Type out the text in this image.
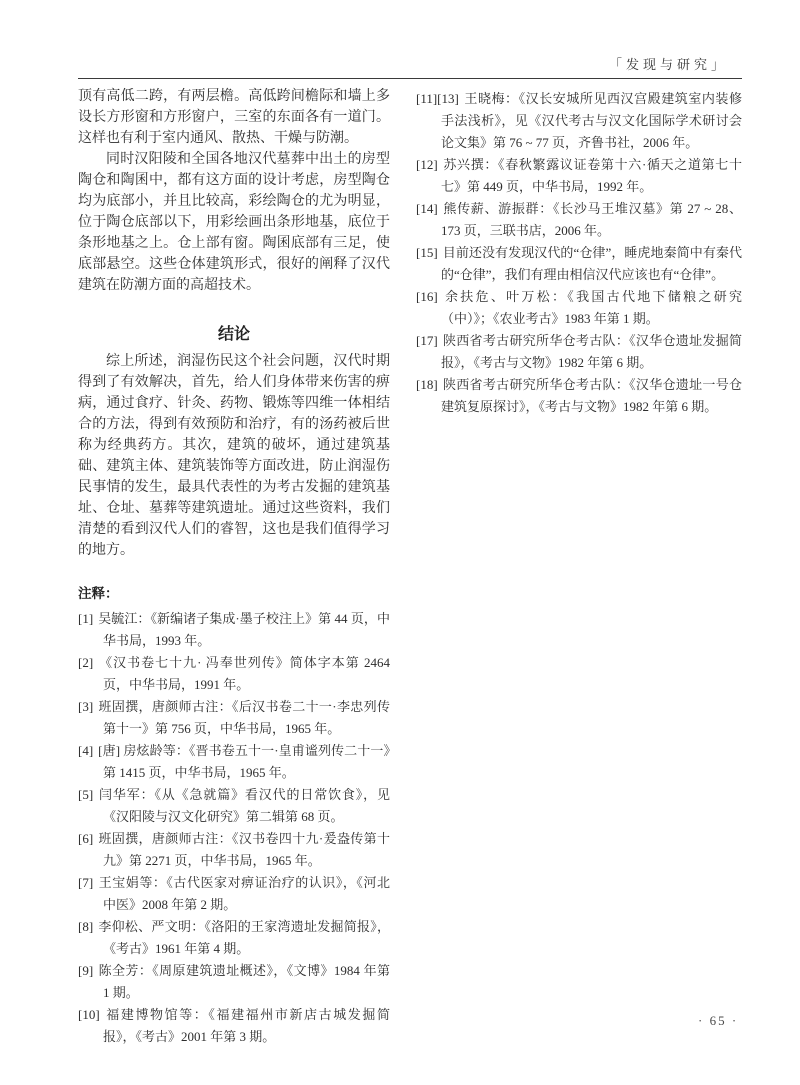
「发现与研究」

顶有高低二跨，有两层檐。高低跨间檐际和墙上多设长方形窗和方形窗户，三室的东面各有一道门。这样也有利于室内通风、散热、干燥与防潮。

同时汉阳陵和全国各地汉代墓葬中出土的房型陶仓和陶囷中，都有这方面的设计考虑，房型陶仓均为底部小，并且比较高，彩绘陶仓的尤为明显，位于陶仓底部以下，用彩绘画出条形地基，底位于条形地基之上。仓上部有窗。陶囷底部有三足，使底部悬空。这些仓体建筑形式，很好的阐释了汉代建筑在防潮方面的高超技术。

结论

综上所述，润湿伤民这个社会问题，汉代时期得到了有效解决，首先，给人们身体带来伤害的痹病，通过食疗、针灸、药物、锻炼等四维一体相结合的方法，得到有效预防和治疗，有的汤药被后世称为经典药方。其次，建筑的破坏，通过建筑基础、建筑主体、建筑装饰等方面改进，防止润湿伤民事情的发生，最具代表性的为考古发掘的建筑基址、仓址、墓葬等建筑遗址。通过这些资料，我们清楚的看到汉代人们的睿智，这也是我们值得学习的地方。

注释：

[1] 吴毓江：《新编诸子集成·墨子校注上》第 44 页，中华书局，1993 年。

[2] 《汉书卷七十九· 冯奉世列传》简体字本第 2464 页，中华书局，1991 年。

[3] 班固撰，唐颜师古注：《后汉书卷二十一·李忠列传第十一》第 756 页，中华书局，1965 年。

[4] [唐] 房炫龄等：《晋书卷五十一·皇甫谧列传二十一》第 1415 页，中华书局，1965 年。

[5] 闫华军：《从《急就篇》看汉代的日常饮食》，见《汉阳陵与汉文化研究》第二辑第 68 页。

[6] 班固撰，唐颜师古注：《汉书卷四十九·爰盎传第十九》第 2271 页，中华书局，1965 年。

[7] 王宝娟等：《古代医家对痹证治疗的认识》，《河北中医》2008 年第 2 期。

[8] 李仰松、严文明：《洛阳的王家湾遗址发掘简报》，《考古》1961 年第 4 期。

[9] 陈全芳：《周原建筑遗址概述》，《文博》1984 年第 1 期。

[10] 福建博物馆等：《福建福州市新店古城发掘简报》，《考古》2001 年第 3 期。

[11][13] 王晓梅：《汉长安城所见西汉宫殿建筑室内装修手法浅析》，见《汉代考古与汉文化国际学术研讨会论文集》第 76 ~ 77 页，齐鲁书社，2006 年。

[12] 苏兴撰：《春秋繁露议证卷第十六·循天之道第七十七》第 449 页，中华书局，1992 年。

[14] 熊传薪、游振群：《长沙马王堆汉墓》第 27 ~ 28、173 页，三联书店，2006 年。

[15] 目前还没有发现汉代的“仓律”，睡虎地秦简中有秦代的“仓律”，我们有理由相信汉代应该也有“仓律”。

[16] 余扶危、叶万松：《我国古代地下储粮之研究（中）》；《农业考古》1983 年第 1 期。

[17] 陕西省考古研究所华仓考古队：《汉华仓遗址发掘简报》，《考古与文物》1982 年第 6 期。

[18] 陕西省考古研究所华仓考古队：《汉华仓遗址一号仓建筑复原探讨》，《考古与文物》1982 年第 6 期。

· 65 ·
